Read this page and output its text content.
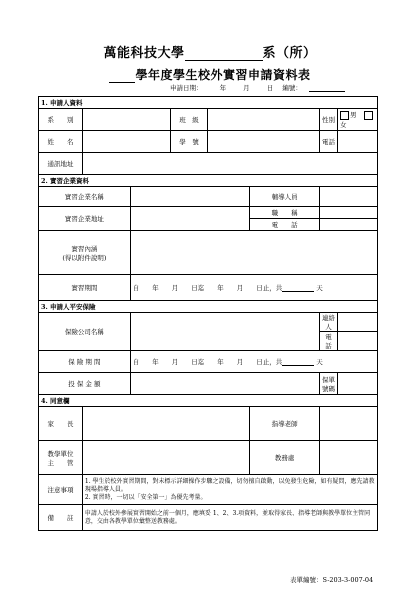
萬能科技大學	系（所）
學年度學生校外實習申請資料表
申請日期：	年	月	日 編號：
1. 申請人資料							
系　　別			班　級			性別	男 女
姓　　名			學　號			電話	
通訊地址							
2. 實習企業資料							
實習企業名稱					輔導人員		
實習企業地址					職　　稱		
					電　　話		

實習內涵
(得以附件說明)							

實習期間		自　　年　　月　　日迄　　年　　月　　日止，共 天					
3. 申請人平安保險							
保險公司名稱						連絡人	
						電　話	
保 險 期 間		自　　年　　月　　日迄　　年　　月　　日止，共 天					
投 保 金 額						保單號碼	
4. 同意欄							
家　　長					指導老師		

教學單位
主　　管					教務處		
注意事項	1. 學生於校外實習期間，對未標示詳細操作步驟之設備，切勿擅自啟動，以免發生危險，如有疑問，應先請教現場指導人員。
2. 實習時，一切以「安全第一」為優先考量。						

備　　註	申請人於校外參展實習開始之前一個月，應填妥 1、2、3.項資料，並取得家長、指導老師與教學單位主管同意，交由各教學單位彙整送教務處。						
表單編號：S-203-3-007-04
